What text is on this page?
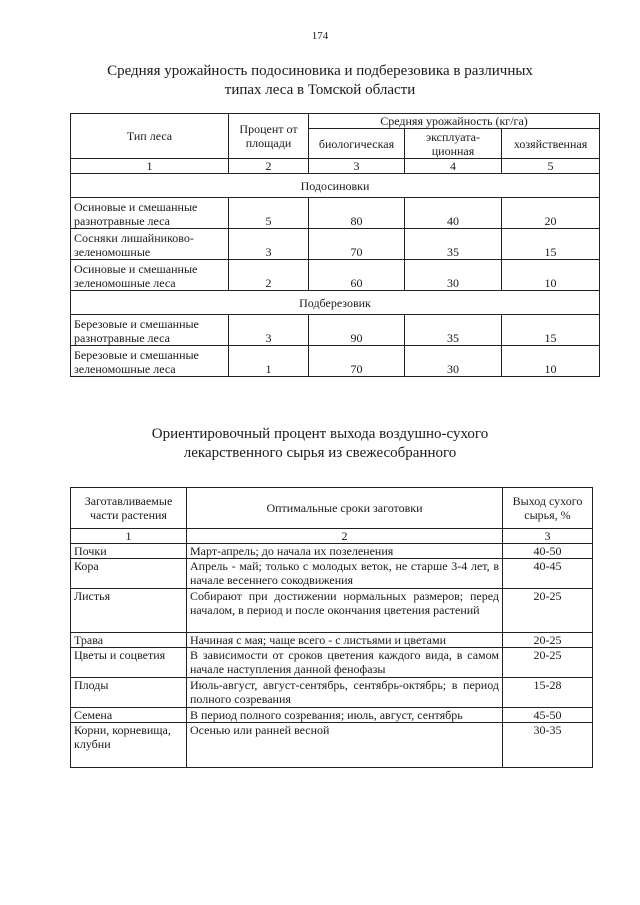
174
Средняя урожайность подосиновика и подберезовика в различных
типах леса в Томской области
Тип леса	Процент от площади	Средняя урожайность (кг/га)		
		биологическая	эксплуата-ционная	хозяйственная
1	2	3	4	5
Подосиновки				
Осиновые и смешанные разнотравные леса	5	80	40	20
Сосняки лишайниково-зеленомошные	3	70	35	15
Осиновые и смешанные зеленомошные леса	2	60	30	10
Подберезовик				
Березовые и смешанные разнотравные леса	3	90	35	15
Березовые и смешанные зеленомошные леса	1	70	30	10
Ориентировочный процент выхода воздушно-сухого
лекарственного сырья из свежесобранного
Заготавливаемые части растения	Оптимальные сроки заготовки	Выход сухого сырья, %
1	2	3
Почки	Март-апрель; до начала их позеленения	40-50
Кора	Апрель - май; только с молодых веток, не старше 3-4 лет, в начале весеннего сокодвижения	40-45
Листья	Собирают при достижении нормальных размеров; перед началом, в период и после окончания цветения растений	20-25
Трава	Начиная с мая; чаще всего - с листьями и цветами	20-25
Цветы и соцветия	В зависимости от сроков цветения каждого вида, в самом начале наступления данной фенофазы	20-25
Плоды	Июль-август, август-сентябрь, сентябрь-октябрь; в период полного созревания	15-28
Семена	В период полного созревания; июль, август, сентябрь	45-50
Корни, корневища, клубни	Осенью или ранней весной	30-35
